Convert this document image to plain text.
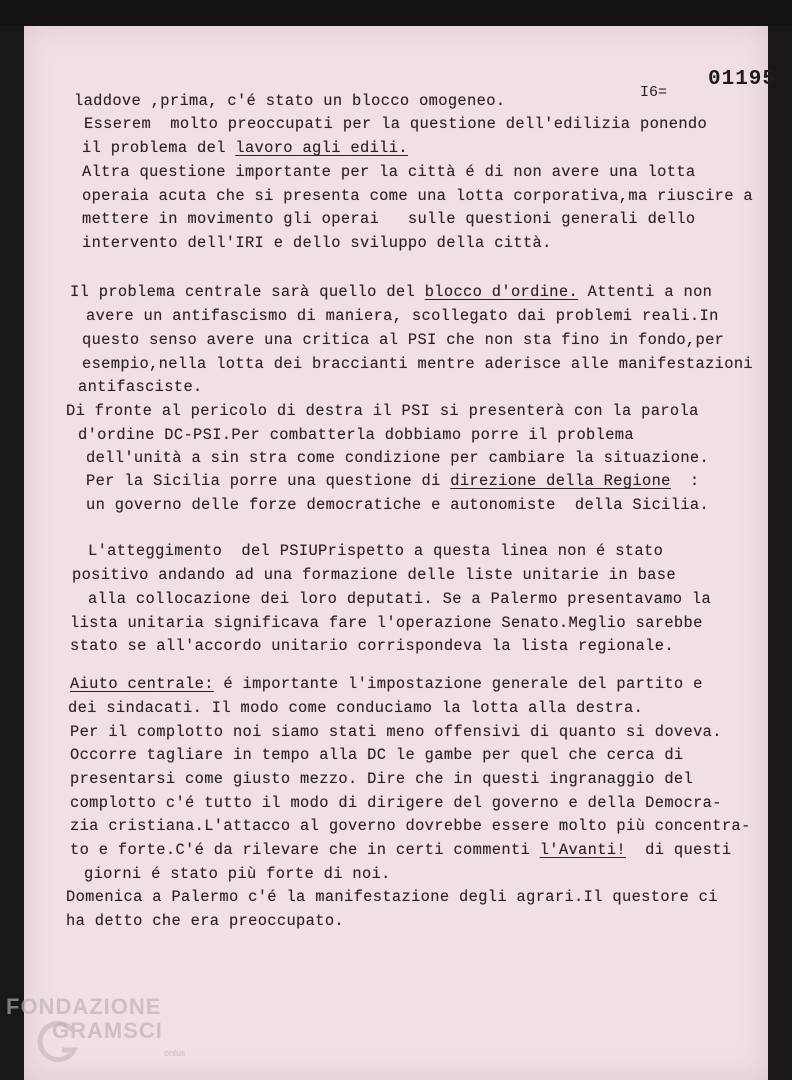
I6=
01195
laddove ,prima, c'é stato un blocco omogeneo.
Esserem  molto preoccupati per la questione dell'edilizia ponendo
il problema del lavoro agli edili.
Altra questione importante per la città é di non avere una lotta
operaia acuta che si presenta come una lotta corporativa,ma riuscire a
mettere in movimento gli operai   sulle questioni generali dello
intervento dell'IRI e dello sviluppo della città.
Il problema centrale sarà quello del blocco d'ordine. Attenti a non
avere un antifascismo di maniera, scollegato dai problemi reali.In
questo senso avere una critica al PSI che non sta fino in fondo,per
esempio,nella lotta dei braccianti mentre aderisce alle manifestazioni
antifasciste.
Di fronte al pericolo di destra il PSI si presenterà con la parola
d'ordine DC-PSI.Per combatterla dobbiamo porre il problema
dell'unità a sin stra come condizione per cambiare la situazione.
Per la Sicilia porre una questione di direzione della Regione  :
un governo delle forze democratiche e autonomiste  della Sicilia.
L'atteggimento  del PSIUPrispetto a questa linea non é stato
positivo andando ad una formazione delle liste unitarie in base
alla collocazione dei loro deputati. Se a Palermo presentavamo la
lista unitaria significava fare l'operazione Senato.Meglio sarebbe
stato se all'accordo unitario corrispondeva la lista regionale.
Aiuto centrale: é importante l'impostazione generale del partito e
dei sindacati. Il modo come conduciamo la lotta alla destra.
Per il complotto noi siamo stati meno offensivi di quanto si doveva.
Occorre tagliare in tempo alla DC le gambe per quel che cerca di
presentarsi come giusto mezzo. Dire che in questi ingranaggio del
complotto c'é tutto il modo di dirigere del governo e della Democra-
zia cristiana.L'attacco al governo dovrebbe essere molto più concentra-
to e forte.C'é da rilevare che in certi commenti l'Avanti!  di questi
giorni é stato più forte di noi.
Domenica a Palermo c'é la manifestazione degli agrari.Il questore ci
ha detto che era preoccupato.
FONDAZIONE
GRAMSCI
onlus
